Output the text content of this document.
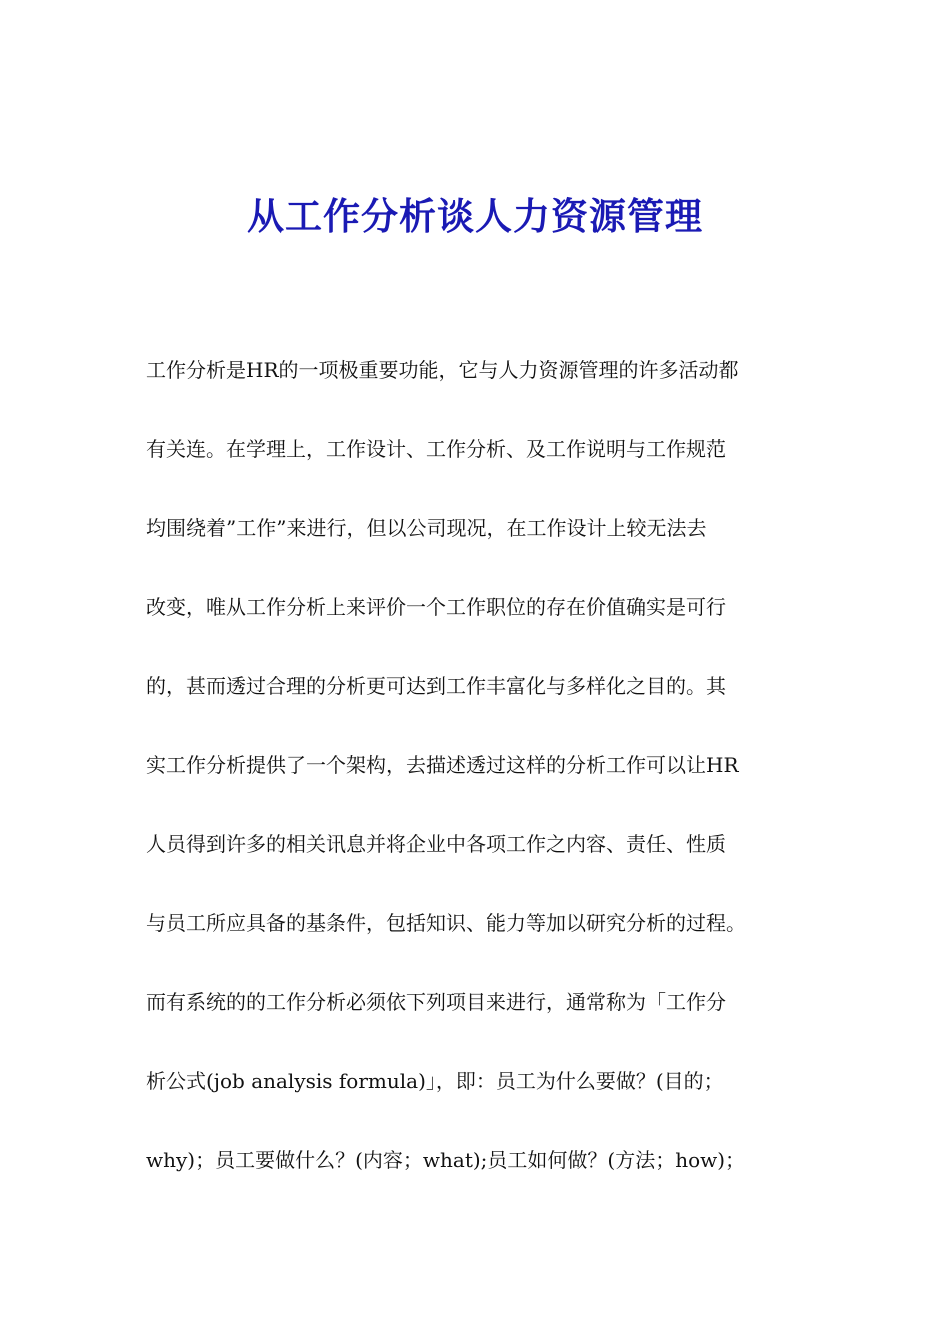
从工作分析谈人力资源管理
工作分析是HR的一项极重要功能，它与人力资源管理的许多活动都
有关连。在学理上，工作设计、工作分析、及工作说明与工作规范
均围绕着”工作”来进行，但以公司现况，在工作设计上较无法去
改变，唯从工作分析上来评价一个工作职位的存在价值确实是可行
的，甚而透过合理的分析更可达到工作丰富化与多样化之目的。其
实工作分析提供了一个架构，去描述透过这样的分析工作可以让HR
人员得到许多的相关讯息并将企业中各项工作之内容、责任、性质
与员工所应具备的基条件，包括知识、能力等加以研究分析的过程。
而有系统的的工作分析必须依下列项目来进行，通常称为「工作分
析公式(job analysis formula)」，即：员工为什么要做？(目的；
why)；员工要做什么？(内容；what);员工如何做？(方法；how)；
